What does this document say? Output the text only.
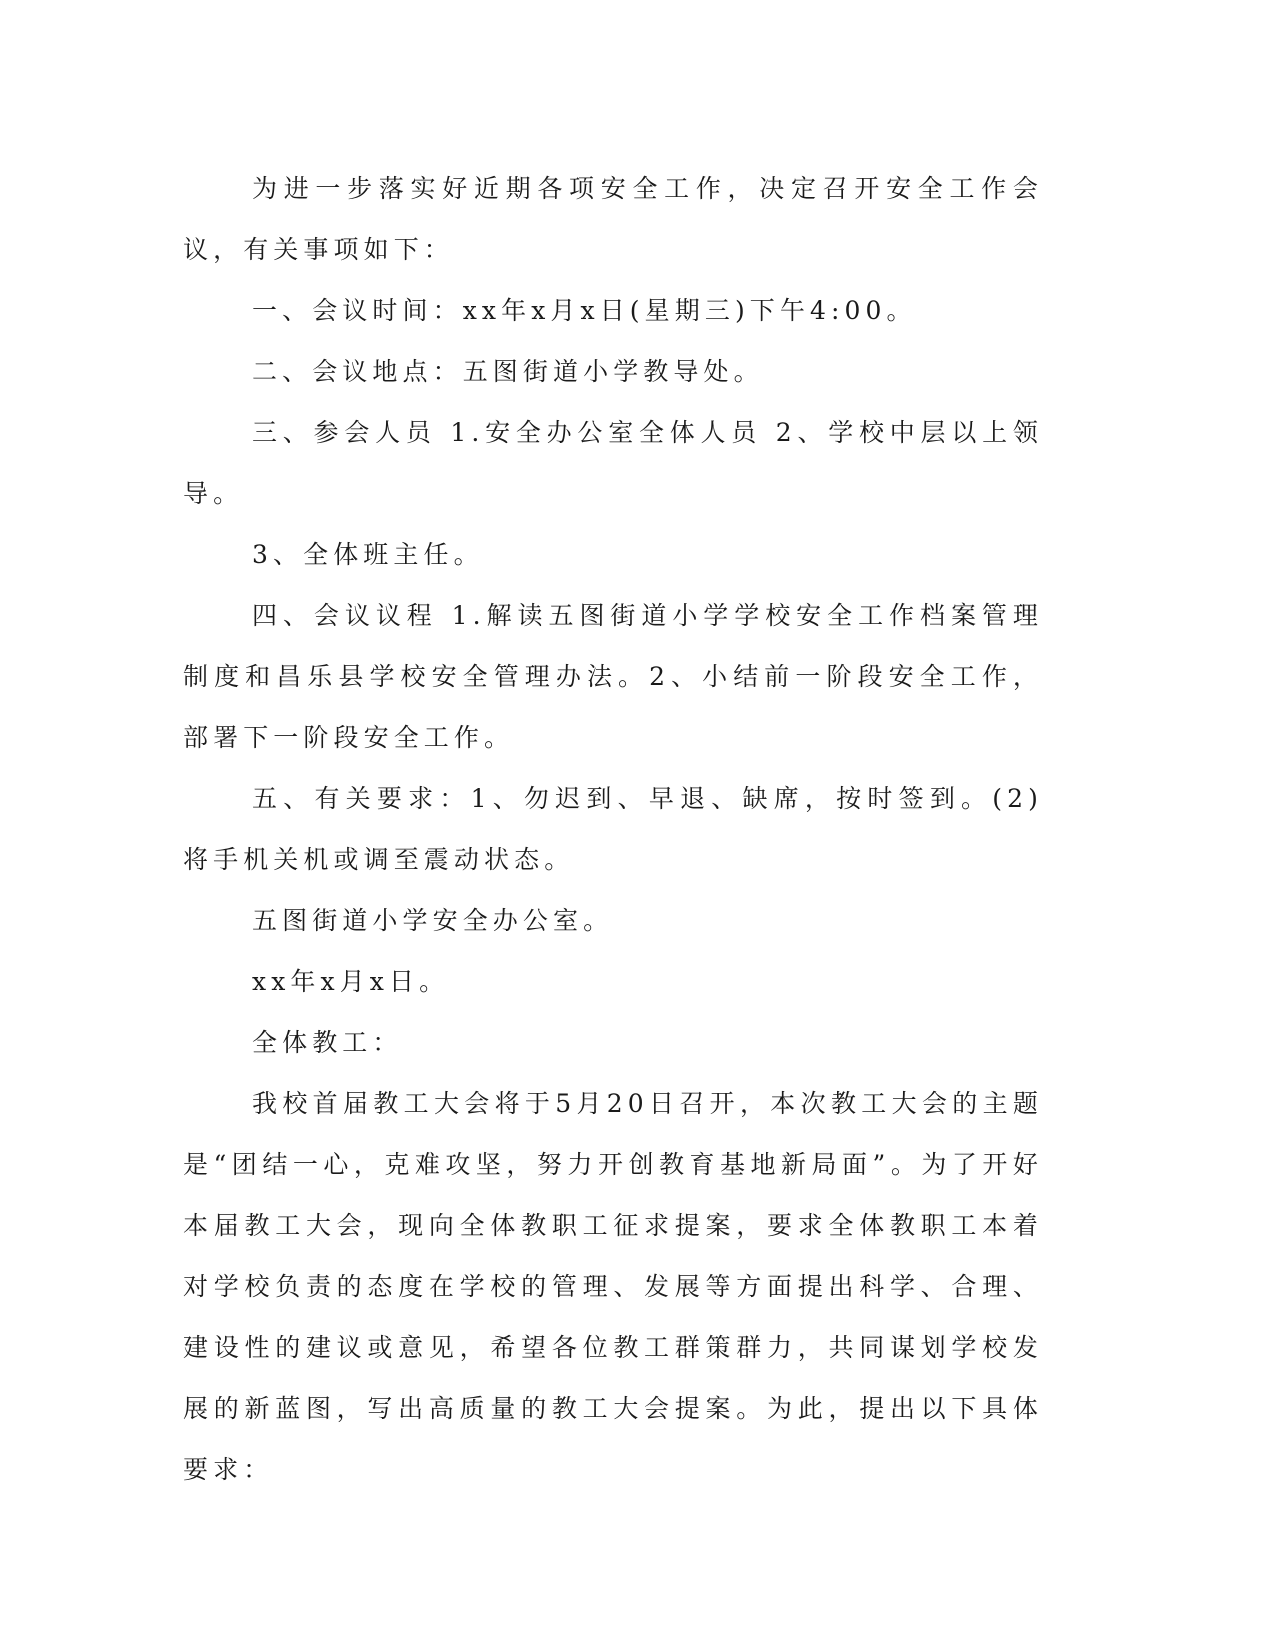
为进一步落实好近期各项安全工作，决定召开安全工作会议，有关事项如下：

一、会议时间：xx年x月x日(星期三)下午4:00。

二、会议地点：五图街道小学教导处。

三、参会人员 1.安全办公室全体人员 2、学校中层以上领导。

3、全体班主任。

四、会议议程 1.解读五图街道小学学校安全工作档案管理制度和昌乐县学校安全管理办法。2、小结前一阶段安全工作，部署下一阶段安全工作。

五、有关要求：1、勿迟到、早退、缺席，按时签到。(2)将手机关机或调至震动状态。

五图街道小学安全办公室。

xx年x月x日。

全体教工：

我校首届教工大会将于5月20日召开，本次教工大会的主题是“团结一心，克难攻坚，努力开创教育基地新局面”。为了开好本届教工大会，现向全体教职工征求提案，要求全体教职工本着对学校负责的态度在学校的管理、发展等方面提出科学、合理、建设性的建议或意见，希望各位教工群策群力，共同谋划学校发展的新蓝图，写出高质量的教工大会提案。为此，提出以下具体要求：
